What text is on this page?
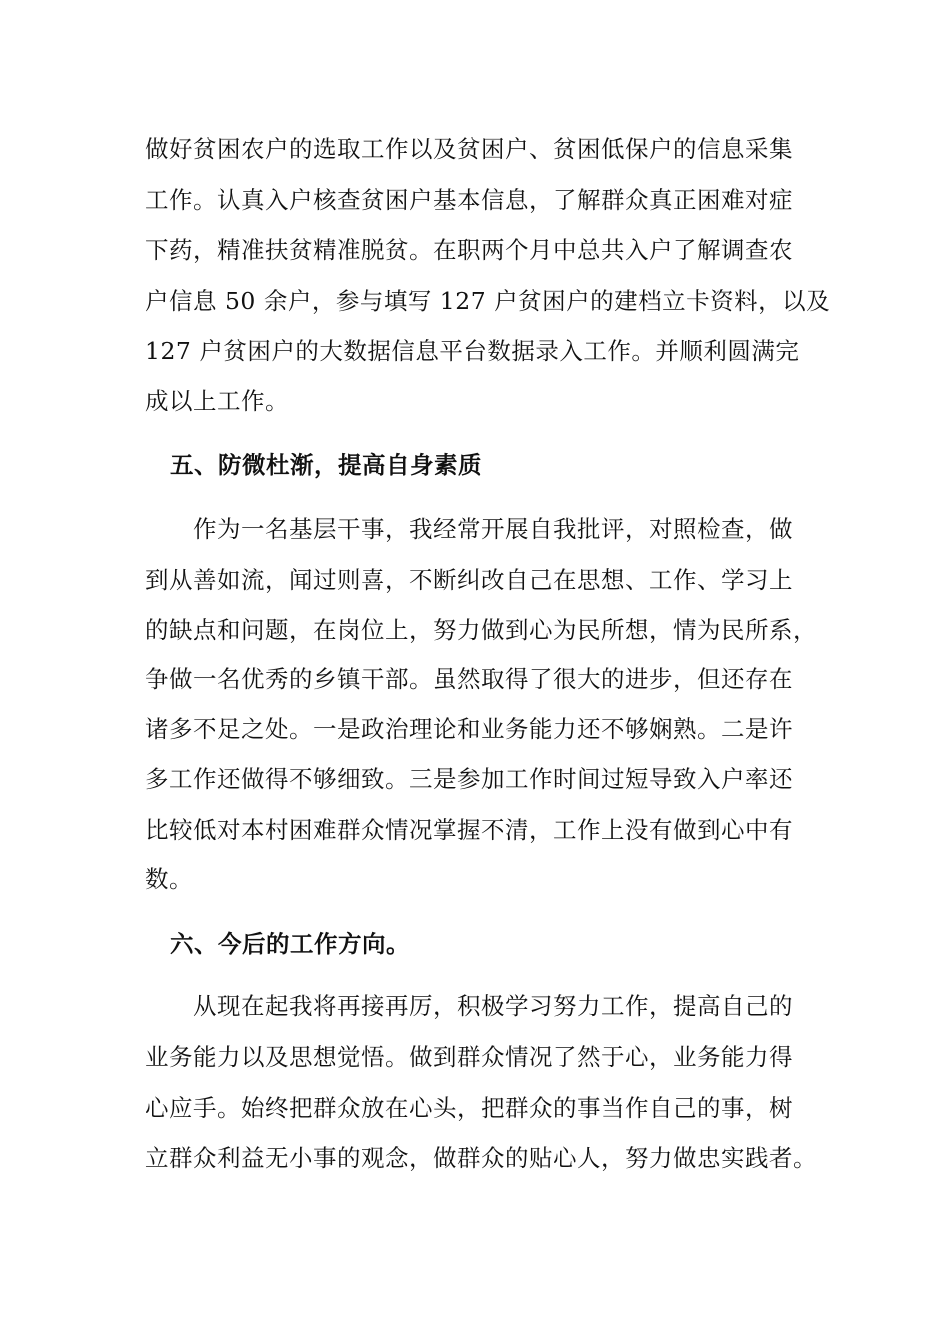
做好贫困农户的选取工作以及贫困户、贫困低保户的信息采集
工作。认真入户核查贫困户基本信息，了解群众真正困难对症
下药，精准扶贫精准脱贫。在职两个月中总共入户了解调查农
户信息 50 余户，参与填写 127 户贫困户的建档立卡资料，以及
127 户贫困户的大数据信息平台数据录入工作。并顺利圆满完
成以上工作。
五、防微杜渐，提高自身素质
作为一名基层干事，我经常开展自我批评，对照检查，做
到从善如流，闻过则喜，不断纠改自己在思想、工作、学习上
的缺点和问题，在岗位上，努力做到心为民所想，情为民所系，
争做一名优秀的乡镇干部。虽然取得了很大的进步，但还存在
诸多不足之处。一是政治理论和业务能力还不够娴熟。二是许
多工作还做得不够细致。三是参加工作时间过短导致入户率还
比较低对本村困难群众情况掌握不清，工作上没有做到心中有
数。
六、今后的工作方向。
从现在起我将再接再厉，积极学习努力工作，提高自己的
业务能力以及思想觉悟。做到群众情况了然于心，业务能力得
心应手。始终把群众放在心头，把群众的事当作自己的事，树
立群众利益无小事的观念，做群众的贴心人，努力做忠实践者。
